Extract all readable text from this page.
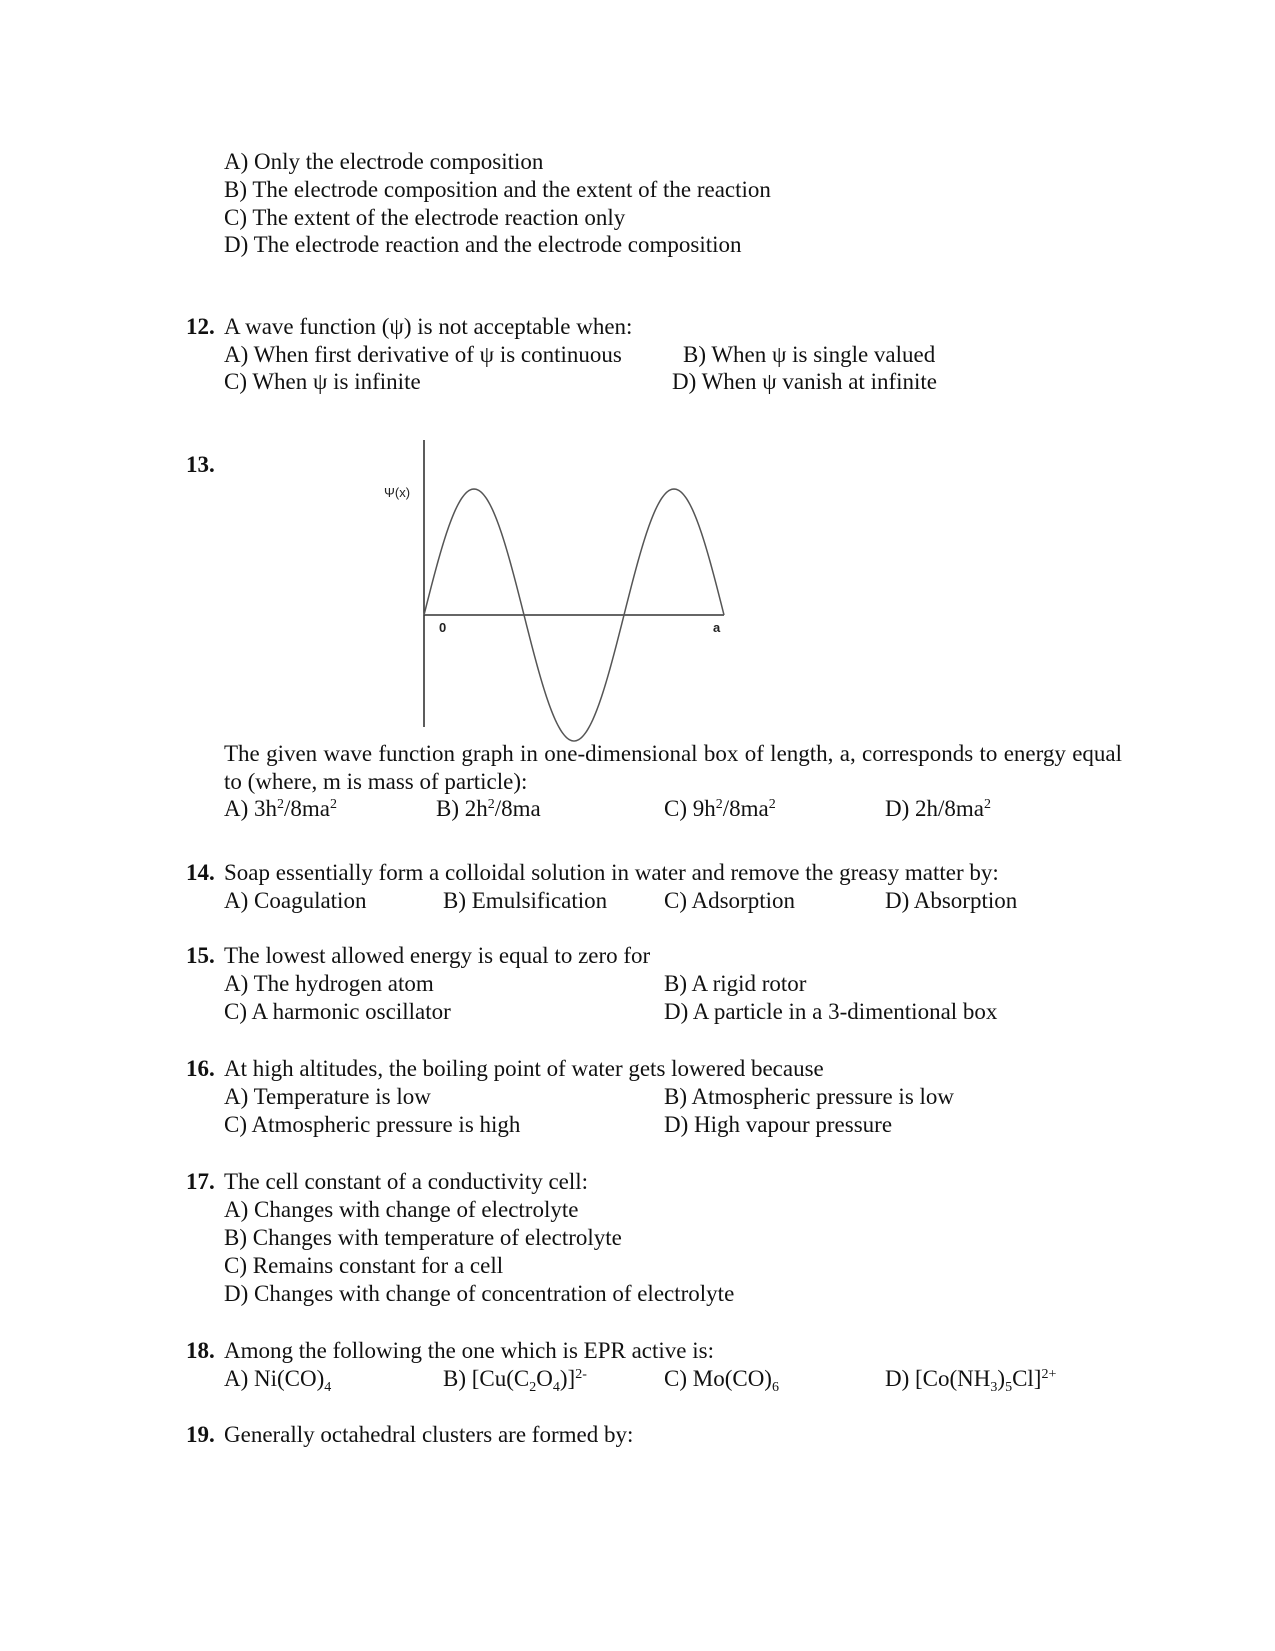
A) Only the electrode composition
B) The electrode composition and the extent of the reaction
C) The extent of the electrode reaction only
D) The electrode reaction and the electrode composition
12. A wave function (ψ) is not acceptable when:
A) When first derivative of ψ is continuous	B) When ψ is single valued
C) When ψ is infinite	D) When ψ vanish at infinite
13.
Ψ(x)
0	a
The given wave function graph in one-dimensional box of length, a, corresponds to energy equal to (where, m is mass of particle):
A) $3h^2/8ma^2$	B) $2h^2/8ma$	C) $9h^2/8ma^2$	D) $2h/8ma^2$
14. Soap essentially form a colloidal solution in water and remove the greasy matter by:
A) Coagulation	B) Emulsification C) Adsorption	D) Absorption
15. The lowest allowed energy is equal to zero for
A) The hydrogen atom	B) A rigid rotor
C) A harmonic oscillator	D) A particle in a 3-dimentional box
16. At high altitudes, the boiling point of water gets lowered because
A) Temperature is low	B) Atmospheric pressure is low
C) Atmospheric pressure is high	D) High vapour pressure
17. The cell constant of a conductivity cell:
A) Changes with change of electrolyte
B) Changes with temperature of electrolyte
C) Remains constant for a cell
D) Changes with change of concentration of electrolyte
18. Among the following the one which is EPR active is:
A) $Ni(CO)_4$	B) $[Cu(C_2O_4)]^{2-}$	C) $Mo(CO)_6$	D) $[Co(NH_3)_5Cl]^{2+}$
19. Generally octahedral clusters are formed by:
